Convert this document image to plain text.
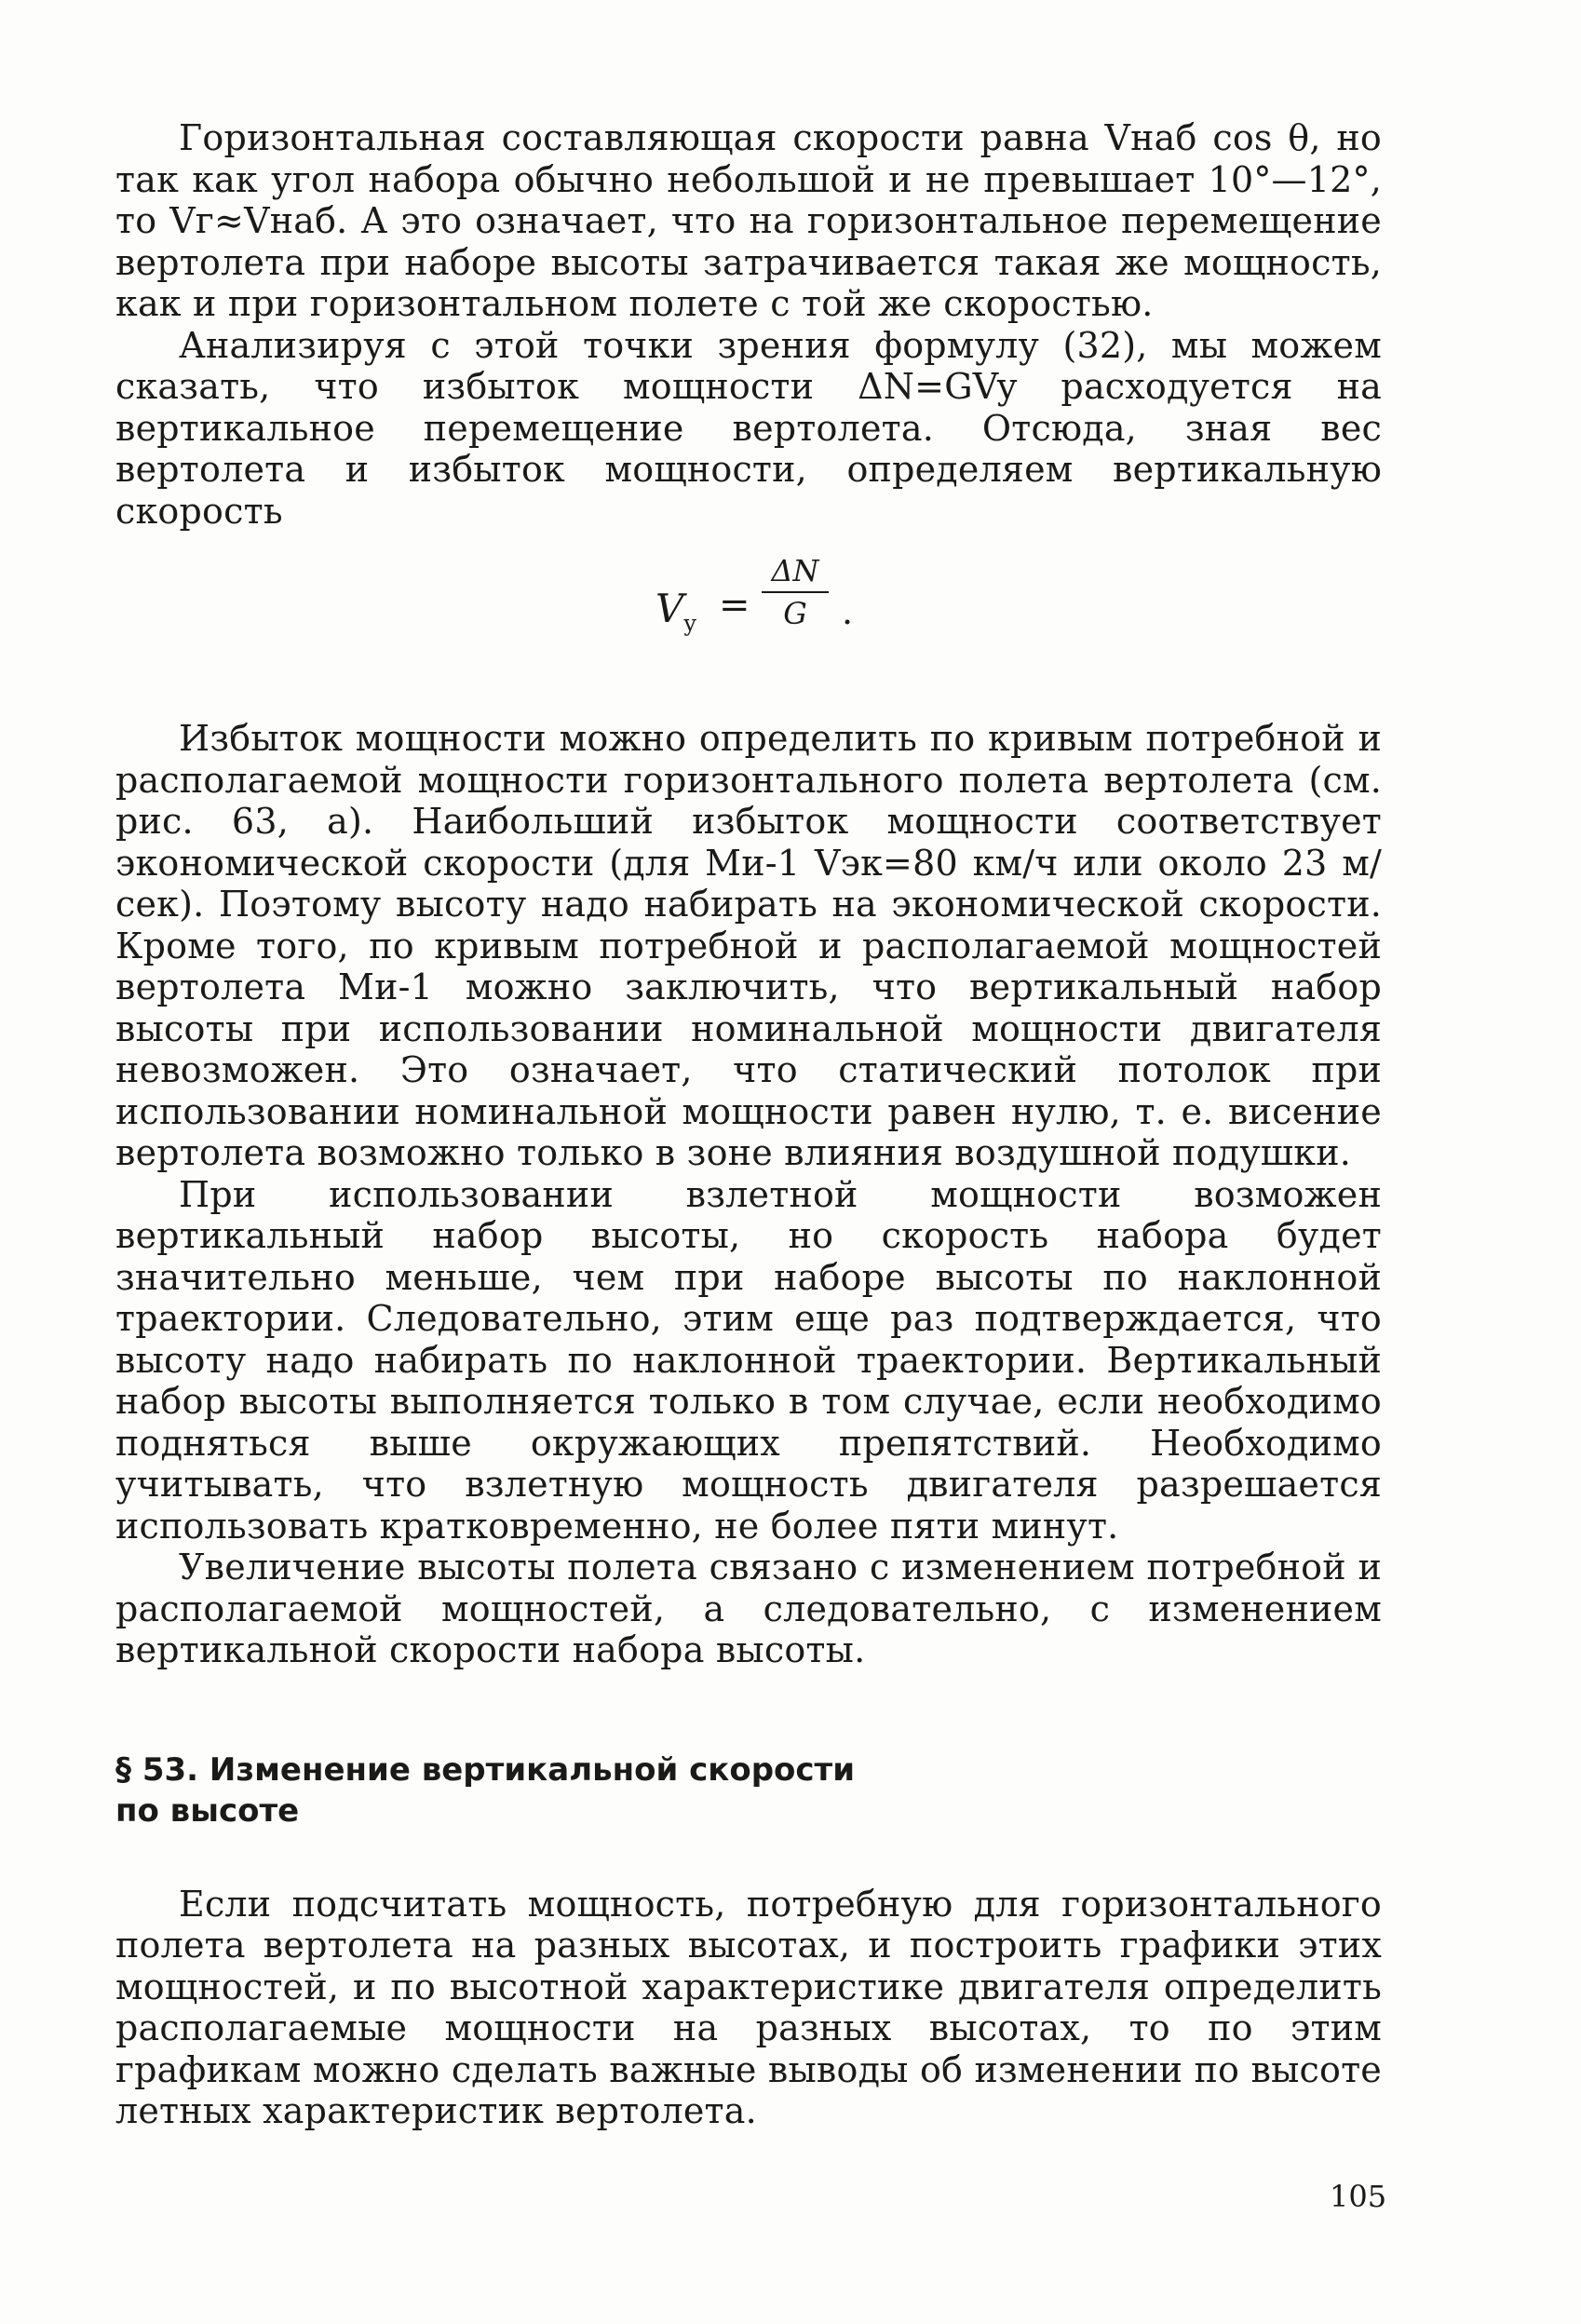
Горизонтальная составляющая скорости равна Vнаб cos θ, но так как угол набора обычно небольшой и не превышает 10°—12°, то Vг≈Vнаб. А это означает, что на горизонтальное перемещение вертолета при наборе высоты затрачивается такая же мощность, как и при горизонтальном полете с той же скоростью.

Анализируя с этой точки зрения формулу (32), мы можем сказать, что избыток мощности ΔN=GVy расходуется на вертикальное перемещение вертолета. Отсюда, зная вес вертолета и избыток мощности, определяем вертикальную скорость

$V_y$ =
ΔN
G .

Избыток мощности можно определить по кривым потребной и располагаемой мощности горизонтального полета вертолета (см. рис. 63, а). Наибольший избыток мощности соответствует экономической скорости (для Ми-1 Vэк=80 км/ч или около 23 м/сек). Поэтому высоту надо набирать на экономической скорости. Кроме того, по кривым потребной и располагаемой мощностей вертолета Ми-1 можно заключить, что вертикальный набор высоты при использовании номинальной мощности двигателя невозможен. Это означает, что статический потолок при использовании номинальной мощности равен нулю, т. е. висение вертолета возможно только в зоне влияния воздушной подушки.

При использовании взлетной мощности возможен вертикальный набор высоты, но скорость набора будет значительно меньше, чем при наборе высоты по наклонной траектории. Следовательно, этим еще раз подтверждается, что высоту надо набирать по наклонной траектории. Вертикальный набор высоты выполняется только в том случае, если необходимо подняться выше окружающих препятствий. Необходимо учитывать, что взлетную мощность двигателя разрешается использовать кратковременно, не более пяти минут.

Увеличение высоты полета связано с изменением потребной и располагаемой мощностей, а следовательно, с изменением вертикальной скорости набора высоты.

§ 53. Изменение вертикальной скорости
по высоте

Если подсчитать мощность, потребную для горизонтального полета вертолета на разных высотах, и построить графики этих мощностей, и по высотной характеристике двигателя определить располагаемые мощности на разных высотах, то по этим графикам можно сделать важные выводы об изменении по высоте летных характеристик вертолета.

105
